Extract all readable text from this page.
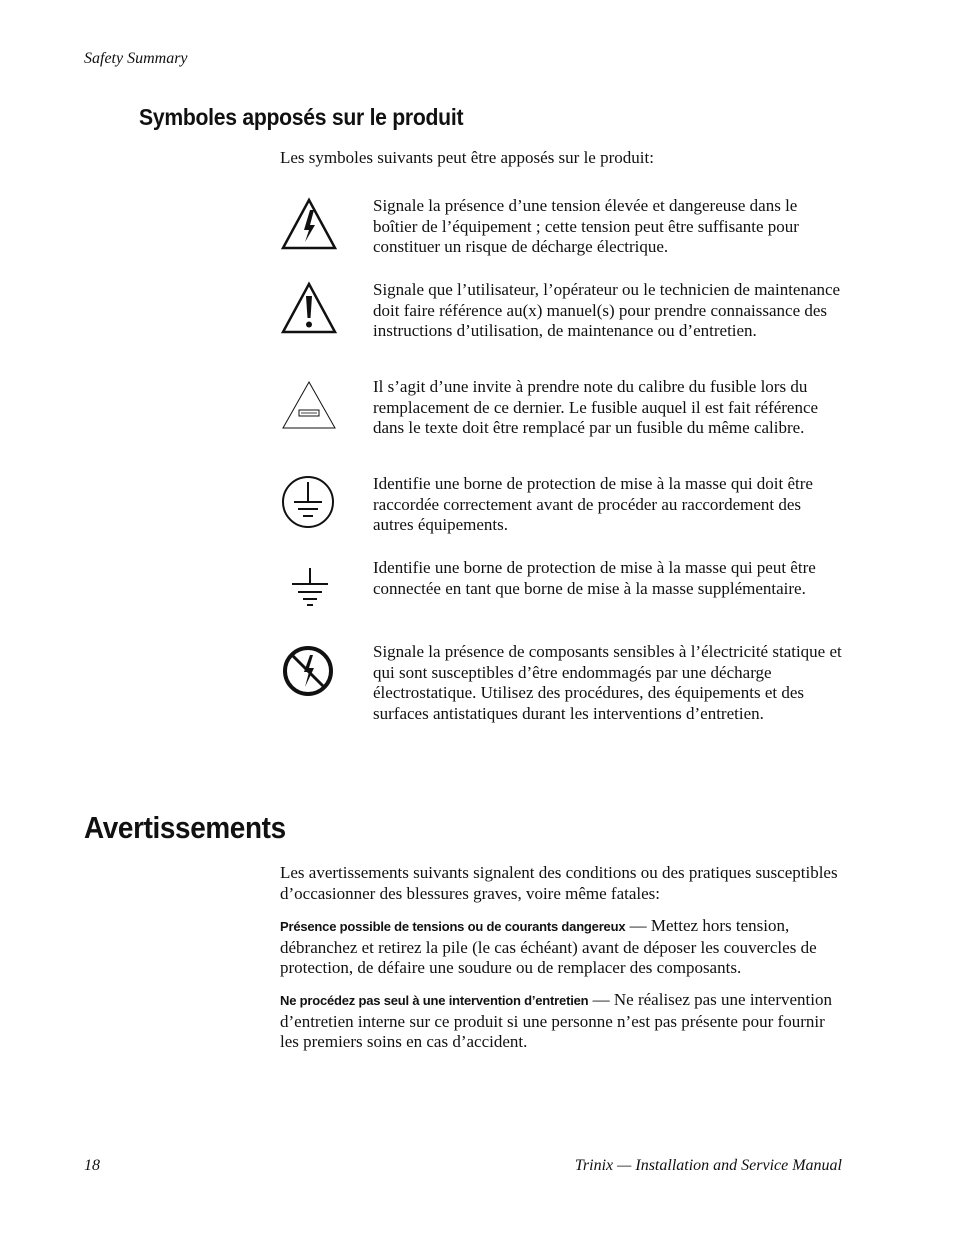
Safety Summary
Symboles apposés sur le produit
Les symboles suivants peut être apposés sur le produit:
Signale la présence d’une tension élevée et dangereuse dans le boîtier de l’équipement ; cette tension peut être suffisante pour constituer un risque de décharge électrique.
Signale que l’utilisateur, l’opérateur ou le technicien de maintenance doit faire référence au(x) manuel(s) pour prendre connaissance des instructions d’utilisation, de maintenance ou d’entretien.
Il s’agit d’une invite à prendre note du calibre du fusible lors du remplacement de ce dernier. Le fusible auquel il est fait référence dans le texte doit être remplacé par un fusible du même calibre.
Identifie une borne de protection de mise à la masse qui doit être raccordée correctement avant de procéder au raccordement des autres équipements.
Identifie une borne de protection de mise à la masse qui peut être connectée en tant que borne de mise à la masse supplémentaire.
Signale la présence de composants sensibles à l’électricité statique et qui sont susceptibles d’être endommagés par une décharge électrostatique. Utilisez des procédures, des équipements et des surfaces antistatiques durant les interventions d’entretien.
Avertissements
Les avertissements suivants signalent des conditions ou des pratiques susceptibles d’occasionner des blessures graves, voire même fatales:
Présence possible de tensions ou de courants dangereux — Mettez hors tension, débranchez et retirez la pile (le cas échéant) avant de déposer les couvercles de protection, de défaire une soudure ou de remplacer des composants.
Ne procédez pas seul à une intervention d’entretien — Ne réalisez pas une intervention d’entretien interne sur ce produit si une personne n’est pas présente pour fournir les premiers soins en cas d’accident.
18	Trinix — Installation and Service Manual
